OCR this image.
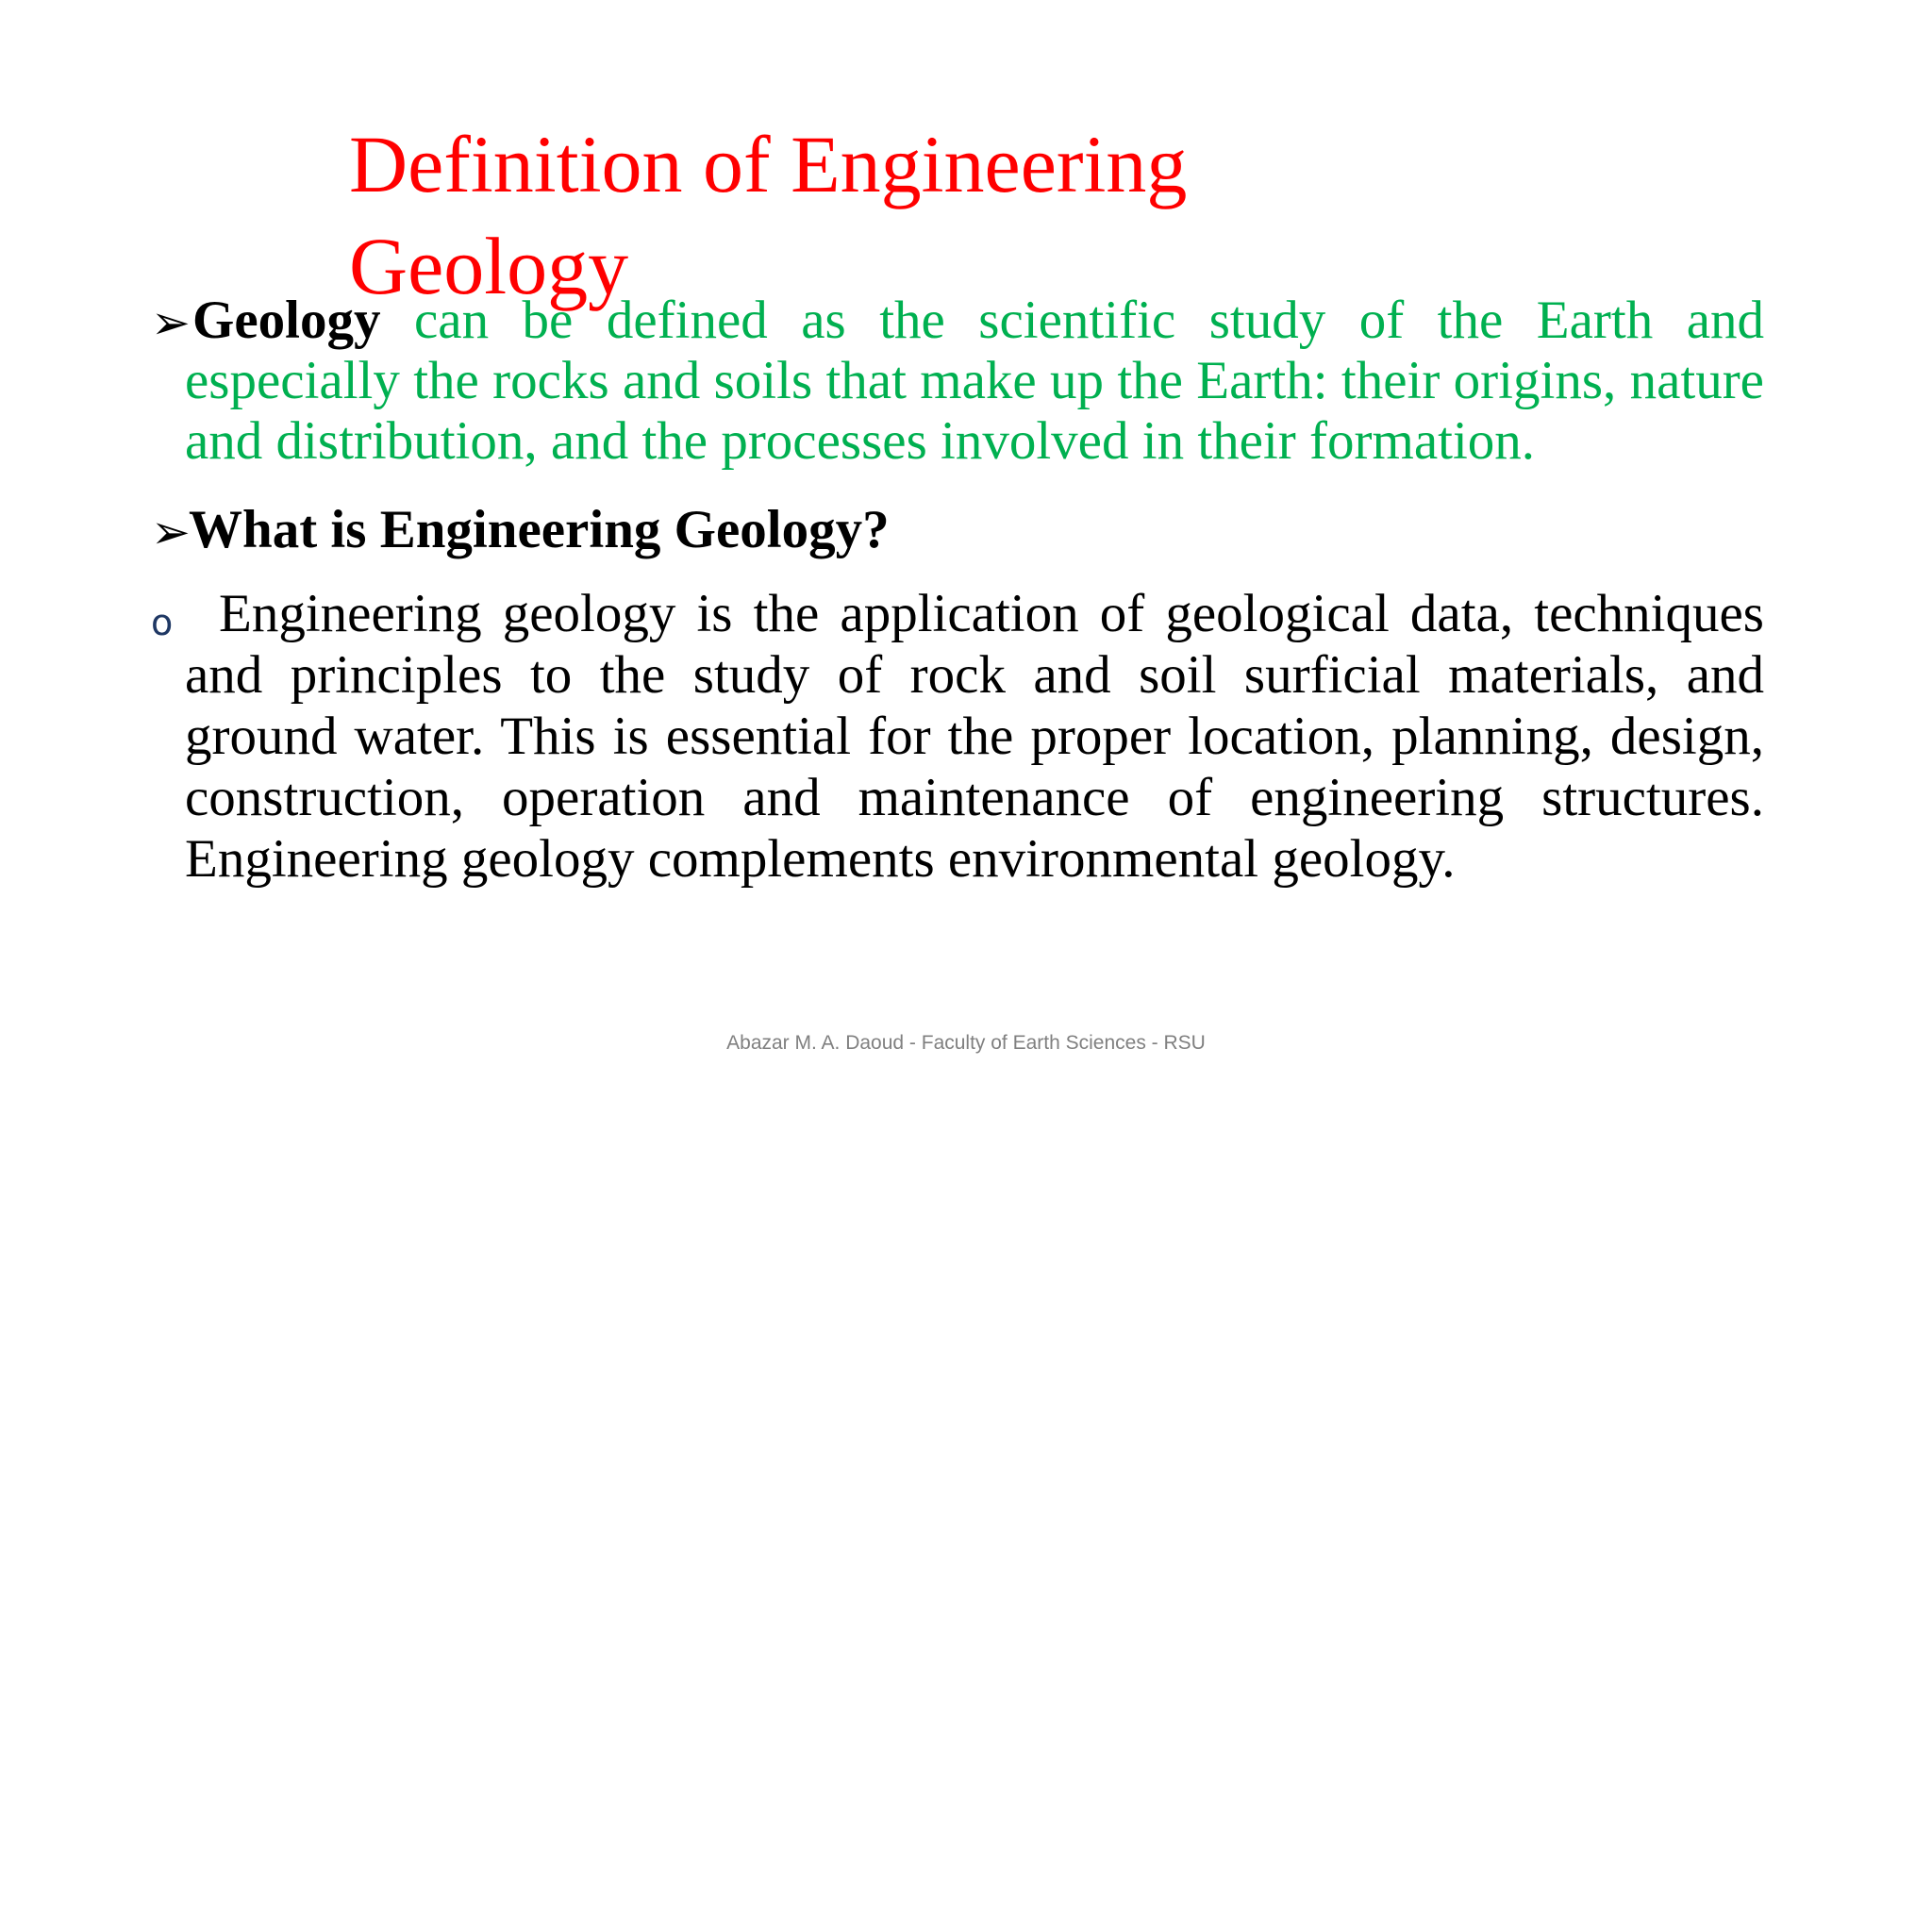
Definition of Engineering Geology
➢ Geology can be defined as the scientific study of the Earth and especially the rocks and soils that make up the Earth: their origins, nature and distribution, and the processes involved in their formation.

➢

What is Engineering Geology?

o Engineering geology is the application of geological data, techniques and principles to the study of rock and soil surficial materials, and ground water. This is essential for the proper location, planning, design, construction, operation and maintenance of engineering structures. Engineering geology complements environmental geology.

Abazar M. A. Daoud - Faculty of Earth Sciences - RSU
